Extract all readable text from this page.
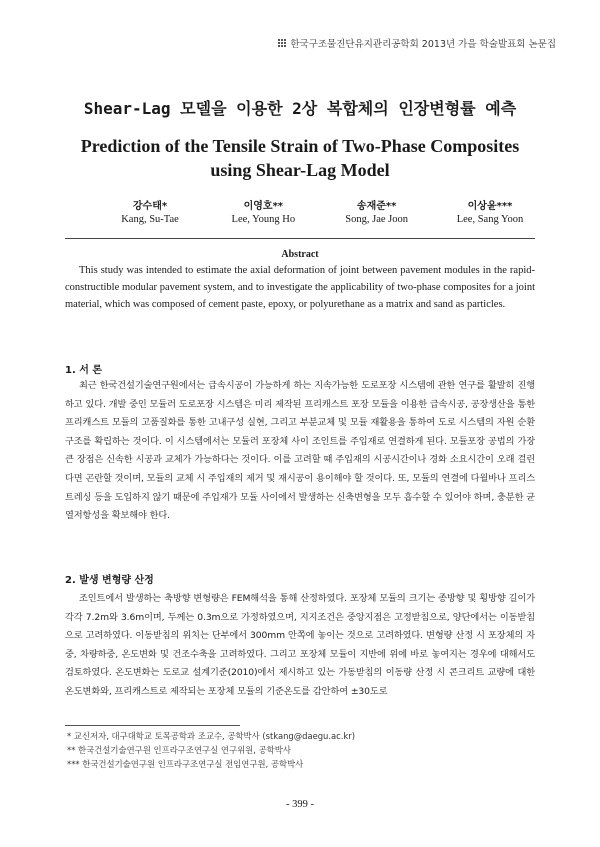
한국구조물진단유지관리공학회 2013년 가을 학술발표회 논문집
Shear-Lag 모델을 이용한 2상 복합체의 인장변형률 예측
Prediction of the Tensile Strain of Two-Phase Composites
using Shear-Lag Model
강수태*
Kang, Su-Tae
이영호**
Lee, Young Ho
송재준**
Song, Jae Joon
이상윤***
Lee, Sang Yoon
Abstract

This study was intended to estimate the axial deformation of joint between pavement modules in the rapid-constructible modular pavement system, and to investigate the applicability of two-phase composites for a joint material, which was composed of cement paste, epoxy, or polyurethane as a matrix and sand as particles.

1. 서 론

최근 한국건설기술연구원에서는 급속시공이 가능하게 하는 지속가능한 도로포장 시스템에 관한 연구를 활발히 진행하고 있다. 개발 중인 모듈러 도로포장 시스템은 미리 제작된 프리캐스트 포장 모듈을 이용한 급속시공, 공장생산을 통한 프리캐스트 모듈의 고품질화를 통한 고내구성 실현, 그리고 부분교체 및 모듈 재활용을 통하여 도로 시스템의 자원 순환구조를 확립하는 것이다. 이 시스템에서는 모듈러 포장체 사이 조인트를 주입재로 연결하게 된다. 모듈포장 공법의 가장 큰 장점은 신속한 시공과 교체가 가능하다는 것이다. 이를 고려할 때 주입재의 시공시간이나 경화 소요시간이 오래 걸린다면 곤란할 것이며, 모듈의 교체 시 주입재의 제거 및 재시공이 용이해야 할 것이다. 또, 모듈의 연결에 다월바나 프리스트레싱 등을 도입하지 않기 때문에 주입재가 모듈 사이에서 발생하는 신축변형을 모두 흡수할 수 있어야 하며, 충분한 균열저항성을 확보해야 한다.

2. 발생 변형량 산정

조인트에서 발생하는 축방향 변형량은 FEM해석을 통해 산정하였다. 포장체 모듈의 크기는 종방향 및 횡방향 길이가 각각 7.2m와 3.6m이며, 두께는 0.3m으로 가정하였으며, 지지조건은 중앙지점은 고정받침으로, 양단에서는 이동받침으로 고려하였다. 이동받침의 위치는 단부에서 300mm 안쪽에 놓이는 것으로 고려하였다. 변형량 산정 시 포장체의 자중, 차량하중, 온도변화 및 건조수축을 고려하였다. 그리고 포장체 모듈이 지반에 위에 바로 놓여지는 경우에 대해서도 검토하였다. 온도변화는 도로교 설계기준(2010)에서 제시하고 있는 가동받침의 이동량 산정 시 콘크리트 교량에 대한 온도변화와, 프리캐스트로 제작되는 포장체 모듈의 기준온도를 감안하여 ±30도로

* 교신저자, 대구대학교 토목공학과 조교수, 공학박사 (stkang@daegu.ac.kr)
** 한국건설기술연구원 인프라구조연구실 연구위원, 공학박사
*** 한국건설기술연구원 인프라구조연구실 전임연구원, 공학박사
- 399 -
